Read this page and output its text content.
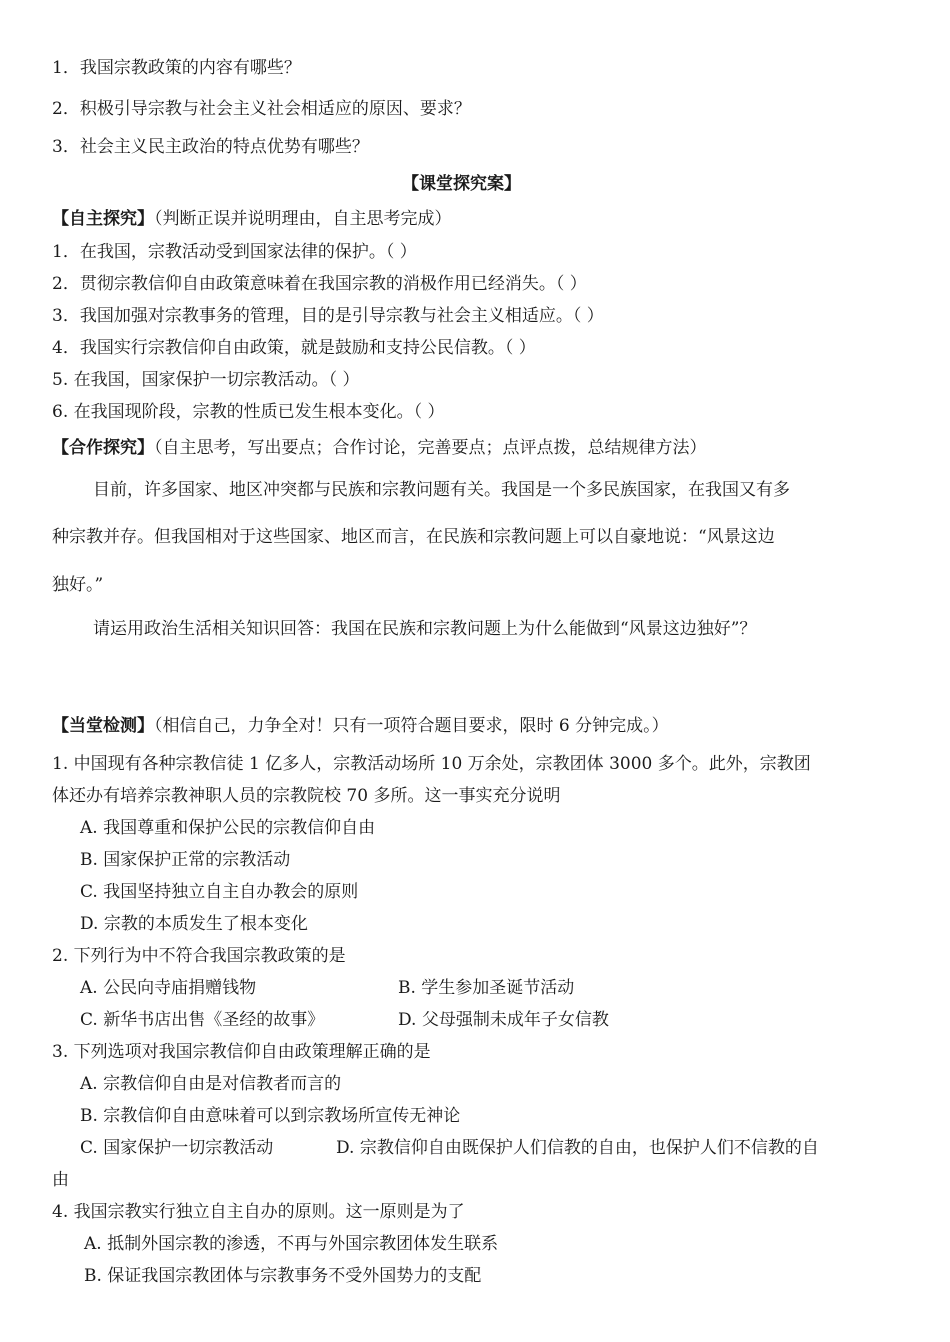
1．我国宗教政策的内容有哪些？
2．积极引导宗教与社会主义社会相适应的原因、要求？
3．社会主义民主政治的特点优势有哪些？
【课堂探究案】
【自主探究】（判断正误并说明理由，自主思考完成）
1．在我国，宗教活动受到国家法律的保护。（ ）
2．贯彻宗教信仰自由政策意味着在我国宗教的消极作用已经消失。（ ）
3．我国加强对宗教事务的管理，目的是引导宗教与社会主义相适应。（ ）
4．我国实行宗教信仰自由政策，就是鼓励和支持公民信教。（ ）
5. 在我国，国家保护一切宗教活动。（ ）
6. 在我国现阶段，宗教的性质已发生根本变化。（ ）
【合作探究】（自主思考，写出要点；合作讨论，完善要点；点评点拨，总结规律方法）
目前，许多国家、地区冲突都与民族和宗教问题有关。我国是一个多民族国家，在我国又有多
种宗教并存。但我国相对于这些国家、地区而言，在民族和宗教问题上可以自豪地说：“风景这边
独好。”
请运用政治生活相关知识回答：我国在民族和宗教问题上为什么能做到“风景这边独好”？
【当堂检测】（相信自己，力争全对！只有一项符合题目要求，限时 6 分钟完成。）
1. 中国现有各种宗教信徒 1 亿多人，宗教活动场所 10 万余处，宗教团体 3000 多个。此外，宗教团
体还办有培养宗教神职人员的宗教院校 70 多所。这一事实充分说明
A. 我国尊重和保护公民的宗教信仰自由
B. 国家保护正常的宗教活动
C. 我国坚持独立自主自办教会的原则
D. 宗教的本质发生了根本变化
2. 下列行为中不符合我国宗教政策的是
A. 公民向寺庙捐赠钱物	B. 学生参加圣诞节活动
C. 新华书店出售《圣经的故事》	D. 父母强制未成年子女信教
3. 下列选项对我国宗教信仰自由政策理解正确的是
A. 宗教信仰自由是对信教者而言的
B. 宗教信仰自由意味着可以到宗教场所宣传无神论
C. 国家保护一切宗教活动	D. 宗教信仰自由既保护人们信教的自由，也保护人们不信教的自
由
4. 我国宗教实行独立自主自办的原则。这一原则是为了
A. 抵制外国宗教的渗透，不再与外国宗教团体发生联系
B. 保证我国宗教团体与宗教事务不受外国势力的支配
